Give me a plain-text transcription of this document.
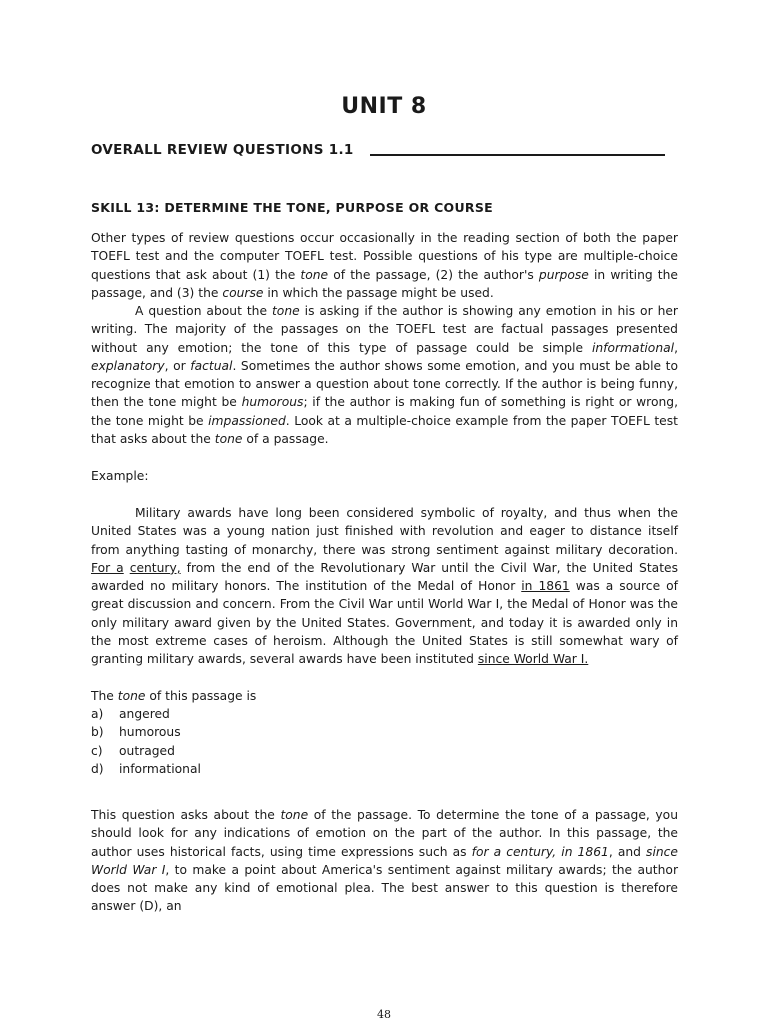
UNIT 8
OVERALL REVIEW QUESTIONS 1.1
SKILL 13: DETERMINE THE TONE, PURPOSE OR COURSE

Other types of review questions occur occasionally in the reading section of both the paper TOEFL test and the computer TOEFL test. Possible questions of his type are multiple-choice questions that ask about (1) the tone of the passage, (2) the author's purpose in writing the passage, and (3) the course in which the passage might be used.

A question about the tone is asking if the author is showing any emotion in his or her writing. The majority of the passages on the TOEFL test are factual passages presented without any emotion; the tone of this type of passage could be simple informational, explanatory, or factual. Sometimes the author shows some emotion, and you must be able to recognize that emotion to answer a question about tone correctly. If the author is being funny, then the tone might be humorous; if the author is making fun of something is right or wrong, the tone might be impassioned. Look at a multiple-choice example from the paper TOEFL test that asks about the tone of a passage.

Example:

Military awards have long been considered symbolic of royalty, and thus when the United States was a young nation just finished with revolution and eager to distance itself from anything tasting of monarchy, there was strong sentiment against military decoration. For a century, from the end of the Revolutionary War until the Civil War, the United States awarded no military honors. The institution of the Medal of Honor in 1861 was a source of great discussion and concern. From the Civil War until World War I, the Medal of Honor was the only military award given by the United States. Government, and today it is awarded only in the most extreme cases of heroism. Although the United States is still somewhat wary of granting military awards, several awards have been instituted since World War I.

The tone of this passage is

a)	angered
b)	humorous
c)	outraged
d)	informational

This question asks about the tone of the passage. To determine the tone of a passage, you should look for any indications of emotion on the part of the author. In this passage, the author uses historical facts, using time expressions such as for a century, in 1861, and since World War I, to make a point about America's sentiment against military awards; the author does not make any kind of emotional plea. The best answer to this question is therefore answer (D), an

48
